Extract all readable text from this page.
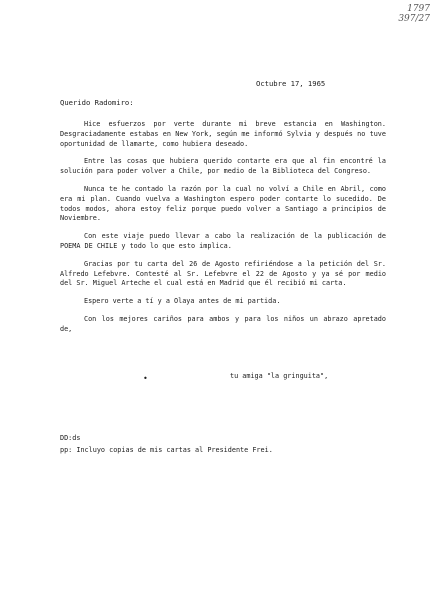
1797
397/27
Octubre 17, 1965
Querido Radomiro:

Hice esfuerzos por verte durante mi breve estancia en Washington. Desgraciadamente estabas en New York, según me informó Sylvia y después no tuve oportunidad de llamarte, como hubiera deseado.

Entre las cosas que hubiera querido contarte era que al fin encontré la solución para poder volver a Chile, por medio de la Biblioteca del Congreso.

Nunca te he contado la razón por la cual no volví a Chile en Abril, como era mi plan. Cuando vuelva a Washington espero poder contarte lo sucedido. De todos modos, ahora estoy feliz porque puedo volver a Santiago a principios de Noviembre.

Con este viaje puedo llevar a cabo la realización de la publicación de POEMA DE CHILE y todo lo que esto implica.

Gracias por tu carta del 26 de Agosto refiriéndose a la petición del Sr. Alfredo Lefebvre. Contesté al Sr. Lefebvre el 22 de Agosto y ya sé por medio del Sr. Miguel Arteche el cual está en Madrid que él recibió mi carta.

Espero verte a tí y a Olaya antes de mi partida.

Con los mejores cariños para ambos y para los niños un abrazo apretado de,

•	tu amiga "la gringuita",
DD:ds
pp: Incluyo copias de mis cartas al Presidente Frei.
